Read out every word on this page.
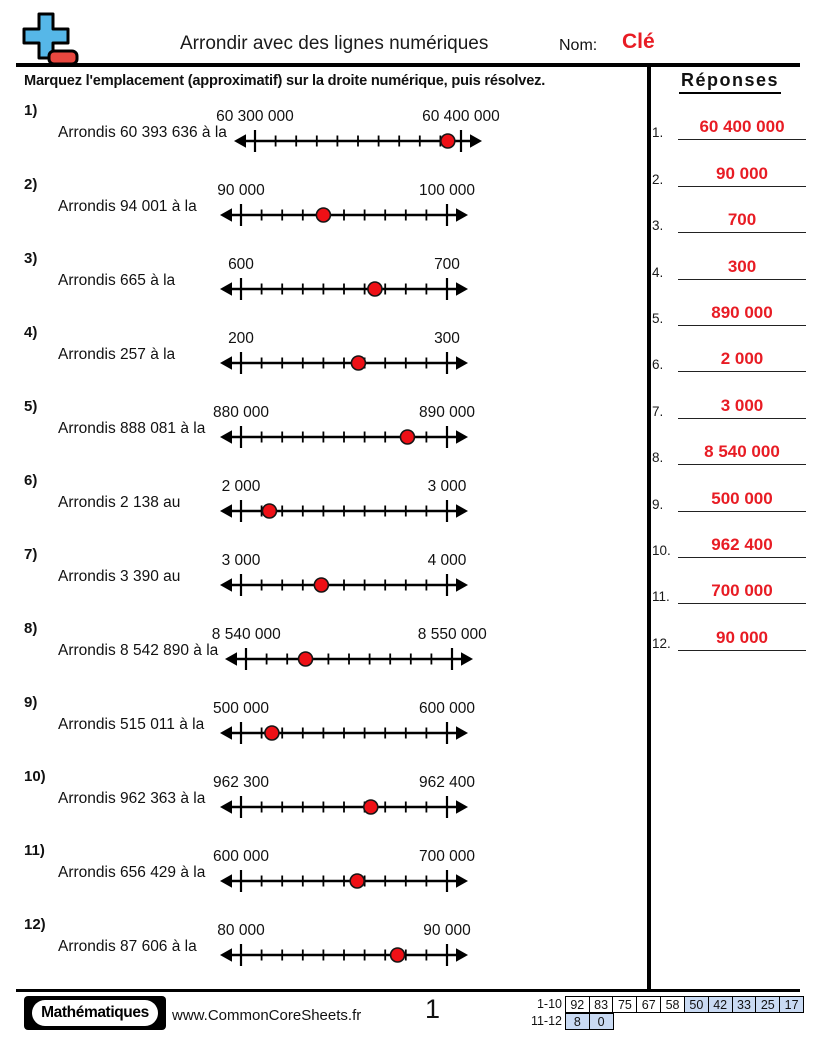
Arrondir avec des lignes numériques	Nom: Clé
Marquez l'emplacement (approximatif) sur la droite numérique, puis résolvez.
1)
Arrondis 60 393 636 à la
60 300 000	60 400 000
2)
Arrondis 94 001 à la
90 000	100 000
3)
Arrondis 665 à la
600	700
4)
Arrondis 257 à la
200	300
5)
Arrondis 888 081 à la
880 000	890 000
6)
Arrondis 2 138 au
2 000	3 000
7)
Arrondis 3 390 au
3 000	4 000
8)
Arrondis 8 542 890 à la
8 540 000	8 550 000
9)
Arrondis 515 011 à la
500 000	600 000
10)
Arrondis 962 363 à la
962 300	962 400
11)
Arrondis 656 429 à la
600 000	700 000
12)
Arrondis 87 606 à la
80 000	90 000
Réponses
1.	60 400 000
2.	90 000
3.	700
4.	300
5.	890 000
6.	2 000
7.	3 000
8.	8 540 000
9.	500 000
10.	962 400
11.	700 000
12.	90 000
Mathématiques	www.CommonCoreSheets.fr 1	1-10 92 83 75 67 58 50 42 33 25 17
11-12 8	0
